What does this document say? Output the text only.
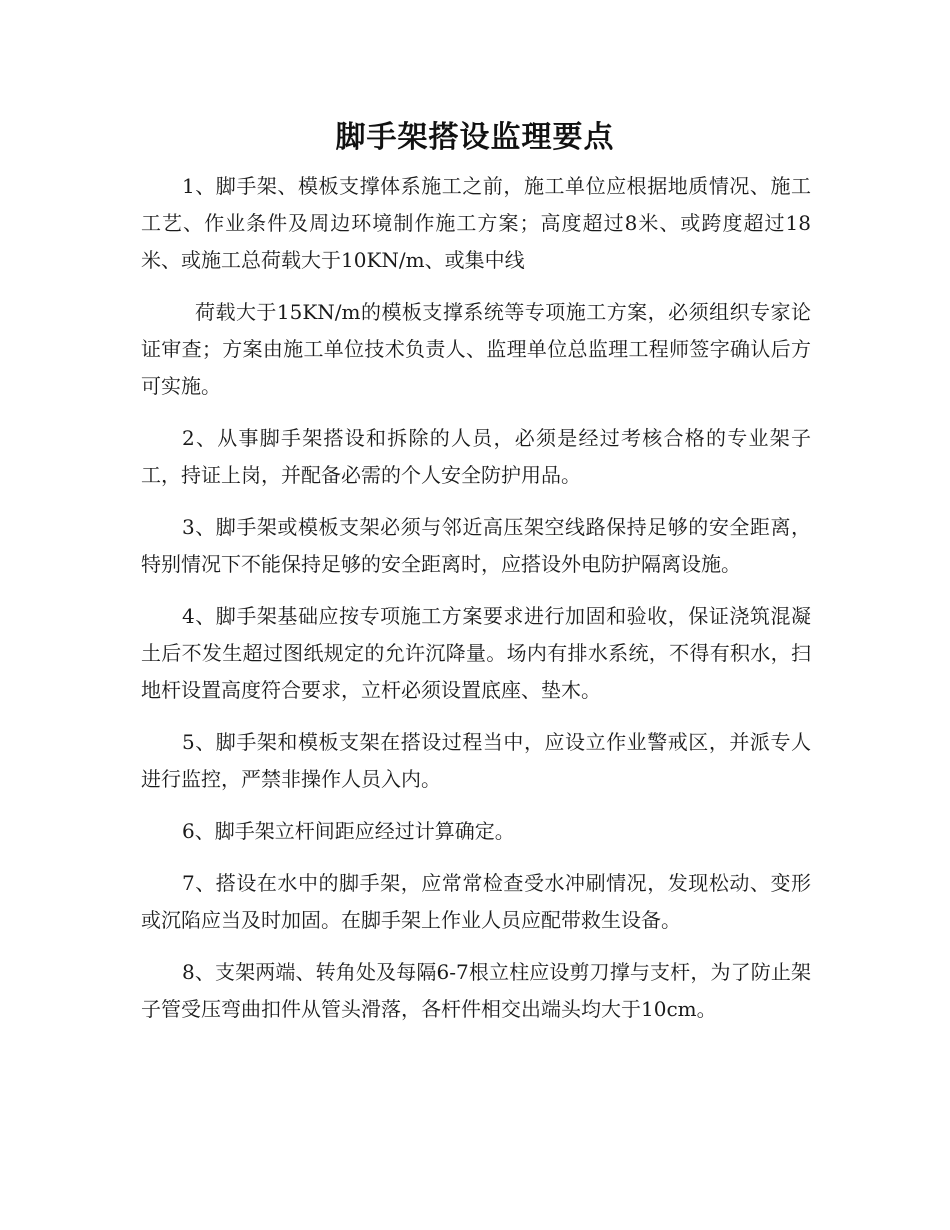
脚手架搭设监理要点

1、脚手架、模板支撑体系施工之前，施工单位应根据地质情况、施工工艺、作业条件及周边环境制作施工方案；高度超过8米、或跨度超过18米、或施工总荷载大于10KN/m、或集中线

荷载大于15KN/m的模板支撑系统等专项施工方案，必须组织专家论证审查；方案由施工单位技术负责人、监理单位总监理工程师签字确认后方可实施。

2、从事脚手架搭设和拆除的人员，必须是经过考核合格的专业架子工，持证上岗，并配备必需的个人安全防护用品。

3、脚手架或模板支架必须与邻近高压架空线路保持足够的安全距离，特别情况下不能保持足够的安全距离时，应搭设外电防护隔离设施。

4、脚手架基础应按专项施工方案要求进行加固和验收，保证浇筑混凝土后不发生超过图纸规定的允许沉降量。场内有排水系统，不得有积水，扫地杆设置高度符合要求，立杆必须设置底座、垫木。

5、脚手架和模板支架在搭设过程当中，应设立作业警戒区，并派专人进行监控，严禁非操作人员入内。

6、脚手架立杆间距应经过计算确定。

7、搭设在水中的脚手架，应常常检查受水冲刷情况，发现松动、变形或沉陷应当及时加固。在脚手架上作业人员应配带救生设备。

8、支架两端、转角处及每隔6-7根立柱应设剪刀撑与支杆，为了防止架子管受压弯曲扣件从管头滑落，各杆件相交出端头均大于10cm。
